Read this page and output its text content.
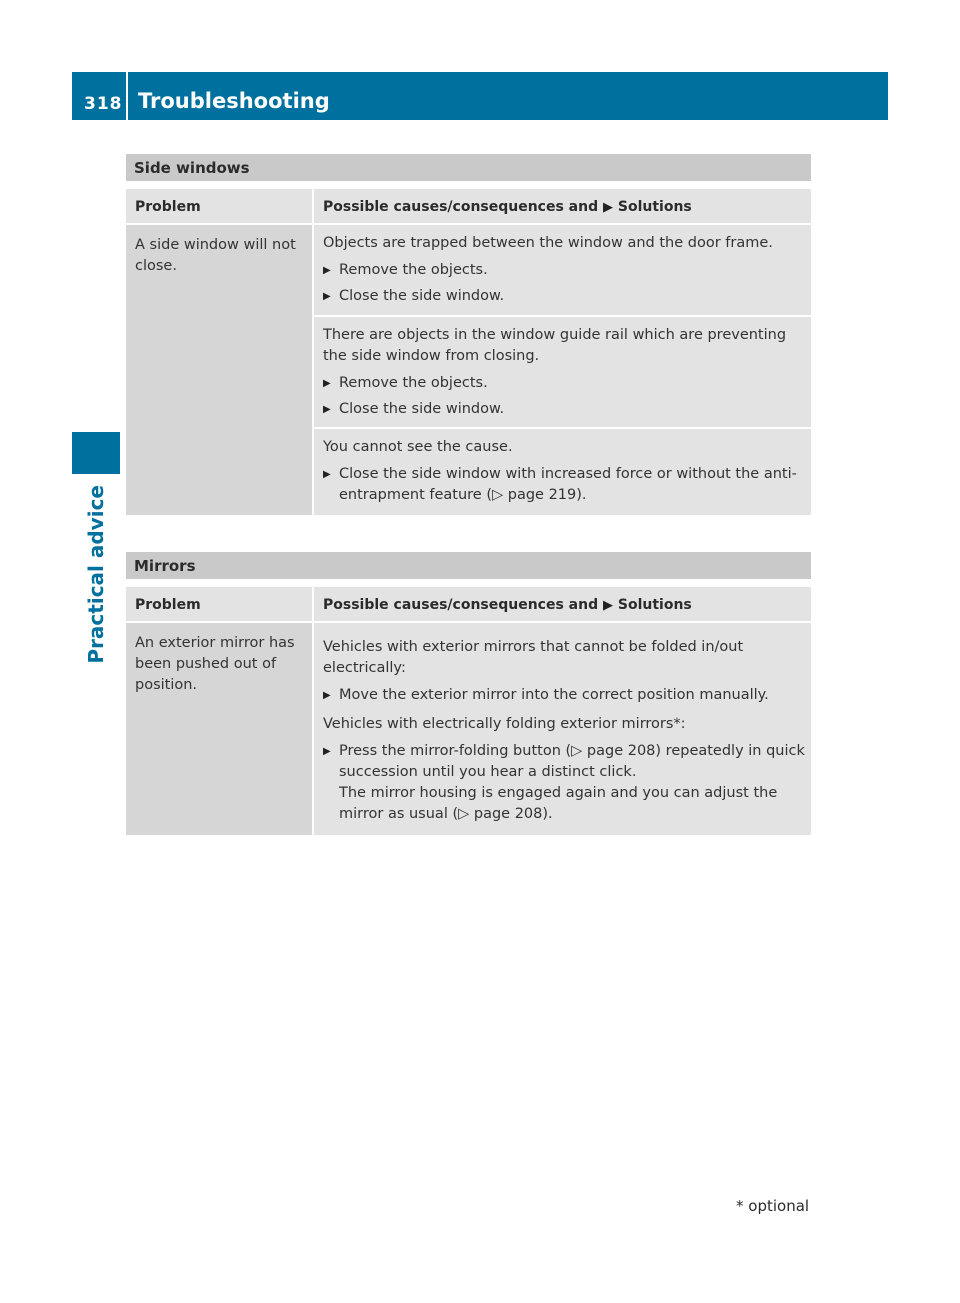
318 Troubleshooting
Practical advice
Side windows
Problem	Possible causes/consequences and ▶ Solutions
A side window will not close.

Objects are trapped between the window and the door frame.

▶ Remove the objects.
▶ Close the side window.

There are objects in the window guide rail which are preventing the side window from closing.

▶ Remove the objects.
▶ Close the side window.

You cannot see the cause.

▶ Close the side window with increased force or without the anti-entrapment feature (▷ page 219).
Mirrors
Problem	Possible causes/consequences and ▶ Solutions
An exterior mirror has been pushed out of position.

Vehicles with exterior mirrors that cannot be folded in/out electrically:

▶ Move the exterior mirror into the correct position manually.

Vehicles with electrically folding exterior mirrors*:

▶ Press the mirror-folding button (▷ page 208) repeatedly in quick succession until you hear a distinct click.
The mirror housing is engaged again and you can adjust the mirror as usual (▷ page 208).
* optional
